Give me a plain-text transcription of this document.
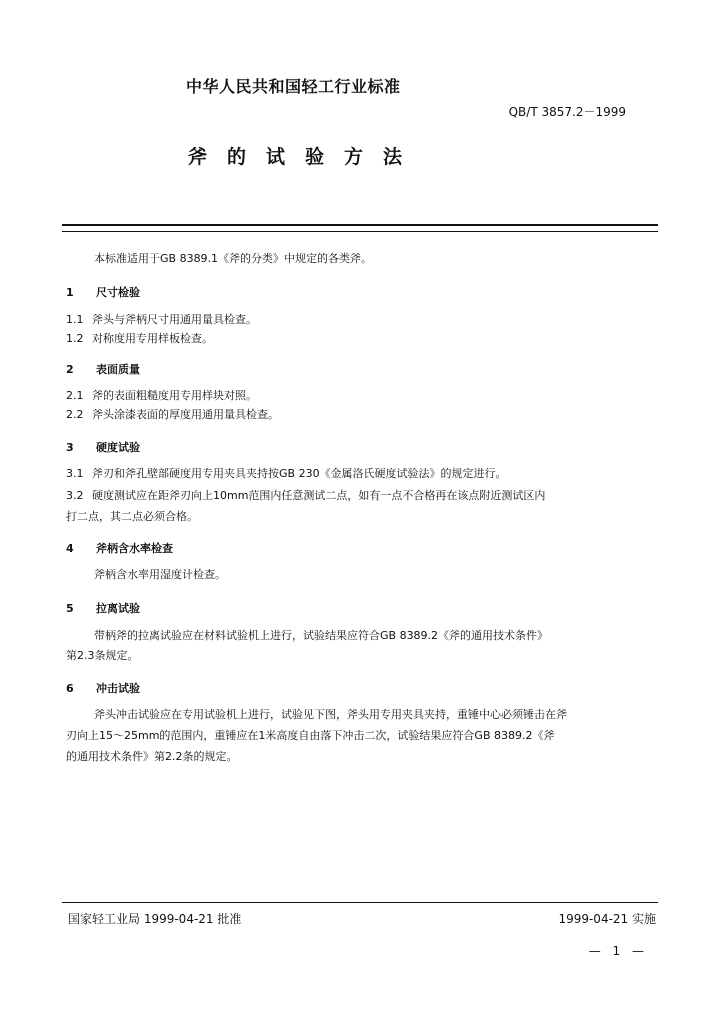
中华人民共和国轻工行业标准
QB/T 3857.2－1999
斧的试验方法
本标准适用于GB 8389.1《斧的分类》中规定的各类斧。
1 尺寸检验
1.1 斧头与斧柄尺寸用通用量具检查。
1.2 对称度用专用样板检查。
2 表面质量
2.1 斧的表面粗糙度用专用样块对照。
2.2 斧头涂漆表面的厚度用通用量具检查。
3 硬度试验
3.1 斧刃和斧孔壁部硬度用专用夹具夹持按GB 230《金属洛氏硬度试验法》的规定进行。
3.2 硬度测试应在距斧刃向上10mm范围内任意测试二点，如有一点不合格再在该点附近测试区内
打二点，其二点必须合格。
4 斧柄含水率检查
斧柄含水率用湿度计检查。
5 拉离试验
带柄斧的拉离试验应在材料试验机上进行，试验结果应符合GB 8389.2《斧的通用技术条件》
第2.3条规定。
6 冲击试验
斧头冲击试验应在专用试验机上进行，试验见下图，斧头用专用夹具夹持，重锤中心必须锤击在斧
刃向上15～25mm的范围内，重锤应在1米高度自由落下冲击二次，试验结果应符合GB 8389.2《斧
的通用技术条件》第2.2条的规定。
国家轻工业局 1999-04-21 批准	1999-04-21 实施
— 1 —
